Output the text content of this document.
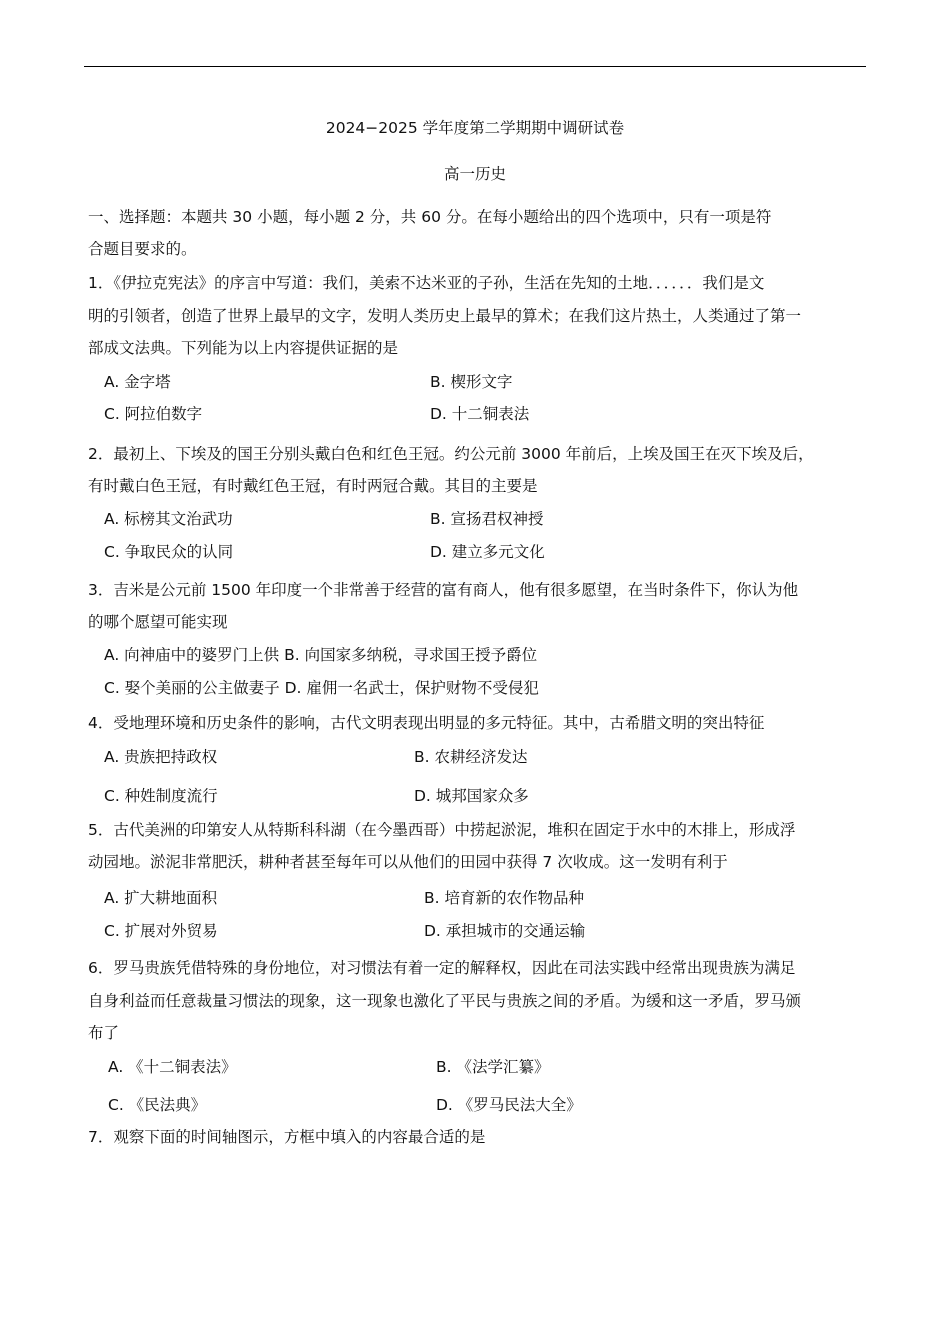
2024−2025 学年度第二学期期中调研试卷
高一历史
一、选择题：本题共 30 小题，每小题 2 分，共 60 分。在每小题给出的四个选项中，只有一项是符
合题目要求的。
1．《伊拉克宪法》的序言中写道：我们，美索不达米亚的子孙，生活在先知的土地．．．．．．我们是文
明的引领者，创造了世界上最早的文字，发明人类历史上最早的算术；在我们这片热土，人类通过了第一
部成文法典。下列能为以上内容提供证据的是
A. 金字塔	B. 楔形文字
C. 阿拉伯数字	D. 十二铜表法
2．最初上、下埃及的国王分别头戴白色和红色王冠。约公元前 3000 年前后，上埃及国王在灭下埃及后，
有时戴白色王冠，有时戴红色王冠，有时两冠合戴。其目的主要是
A. 标榜其文治武功	B. 宣扬君权神授
C. 争取民众的认同	D. 建立多元文化
3．吉米是公元前 1500 年印度一个非常善于经营的富有商人，他有很多愿望，在当时条件下，你认为他
的哪个愿望可能实现
A. 向神庙中的婆罗门上供 B. 向国家多纳税，寻求国王授予爵位
C. 娶个美丽的公主做妻子 D. 雇佣一名武士，保护财物不受侵犯
4．受地理环境和历史条件的影响，古代文明表现出明显的多元特征。其中，古希腊文明的突出特征
A. 贵族把持政权	B. 农耕经济发达
C. 种姓制度流行	D. 城邦国家众多
5．古代美洲的印第安人从特斯科科湖（在今墨西哥）中捞起淤泥，堆积在固定于水中的木排上，形成浮
动园地。淤泥非常肥沃，耕种者甚至每年可以从他们的田园中获得 7 次收成。这一发明有利于
A. 扩大耕地面积	B. 培育新的农作物品种
C. 扩展对外贸易	D. 承担城市的交通运输
6．罗马贵族凭借特殊的身份地位，对习惯法有着一定的解释权，因此在司法实践中经常出现贵族为满足
自身利益而任意裁量习惯法的现象，这一现象也激化了平民与贵族之间的矛盾。为缓和这一矛盾，罗马颁
布了
A. 《十二铜表法》	B. 《法学汇纂》
C. 《民法典》	D. 《罗马民法大全》
7．观察下面的时间轴图示，方框中填入的内容最合适的是
